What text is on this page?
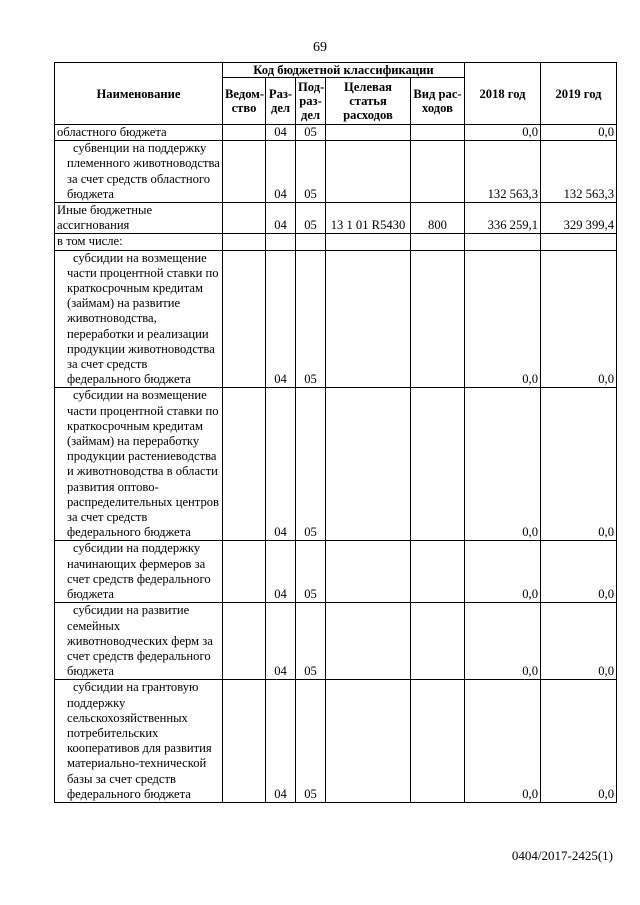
69
Наименование	Код бюджетной классификации					2018 год	2019 год
	Ведом-ство	Раз-дел	Под-раз-дел	Целевая статья расходов	Вид рас-ходов		
областного бюджета		04	05			0,0	0,0
субвенции на поддержку племенного животноводства за счет средств областного бюджета		04	05			132 563,3	132 563,3
Иные бюджетные ассигнования		04	05	13 1 01 R5430	800	336 259,1	329 399,4
в том числе:							
субсидии на возмещение части процентной ставки по краткосрочным кредитам (займам) на развитие животноводства, переработки и реализации продукции животноводства за счет средств федерального бюджета		04	05			0,0	0,0
субсидии на возмещение части процентной ставки по краткосрочным кредитам (займам) на переработку продукции растениеводства и животноводства в области развития оптово-распределительных центров за счет средств федерального бюджета		04	05			0,0	0,0
субсидии на поддержку начинающих фермеров за счет средств федерального бюджета		04	05			0,0	0,0
субсидии на развитие семейных животноводческих ферм за счет средств федерального бюджета		04	05			0,0	0,0
субсидии на грантовую поддержку сельскохозяйственных потребительских кооперативов для развития материально-технической базы за счет средств федерального бюджета		04	05			0,0	0,0
0404/2017-2425(1)
